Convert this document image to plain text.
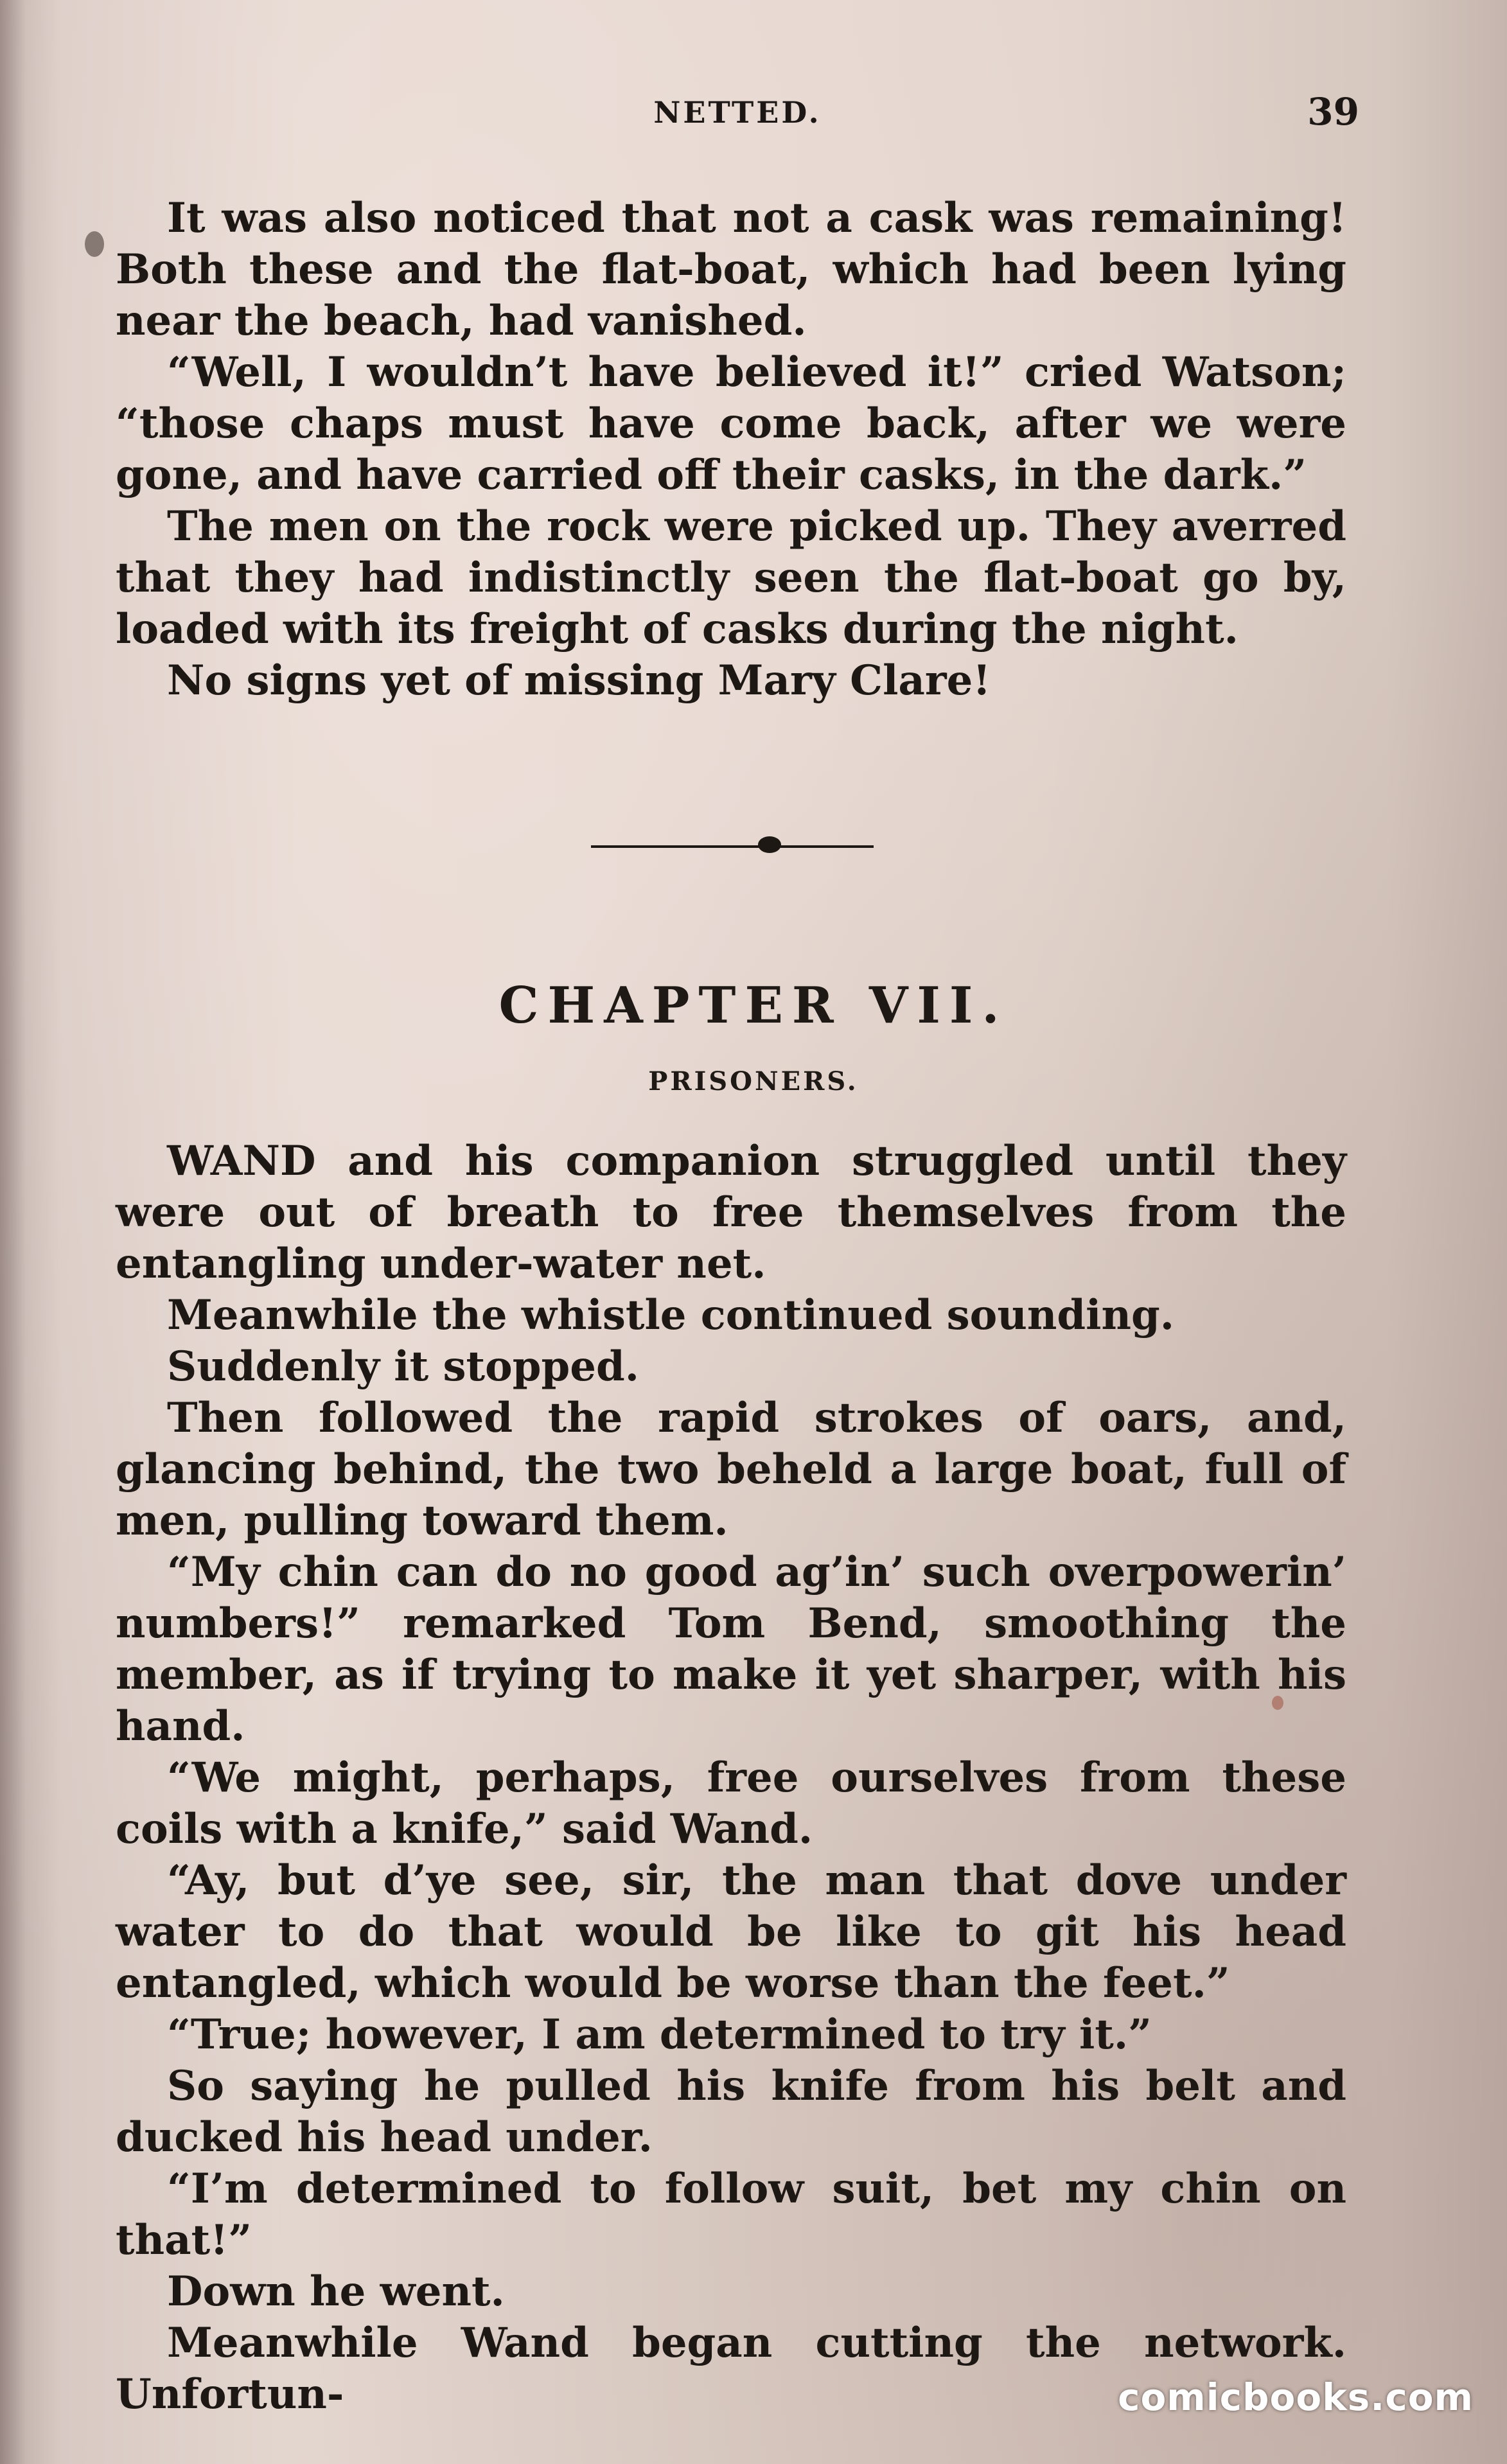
NETTED.	39

It was also noticed that not a cask was remaining! Both these and the flat-boat, which had been lying near the beach, had vanished.

“Well, I wouldn’t have believed it!” cried Watson; “those chaps must have come back, after we were gone, and have carried off their casks, in the dark.”

The men on the rock were picked up. They averred that they had indistinctly seen the flat-boat go by, loaded with its freight of casks during the night.

No signs yet of missing Mary Clare!

CHAPTER VII.
PRISONERS.

WAND and his companion struggled until they were out of breath to free themselves from the entangling under-water net.

Meanwhile the whistle continued sounding.

Suddenly it stopped.

Then followed the rapid strokes of oars, and, glancing behind, the two beheld a large boat, full of men, pulling toward them.

“My chin can do no good ag’in’ such overpowerin’ numbers!” remarked Tom Bend, smoothing the member, as if trying to make it yet sharper, with his hand.

“We might, perhaps, free ourselves from these coils with a knife,” said Wand.

“Ay, but d’ye see, sir, the man that dove under water to do that would be like to git his head entangled, which would be worse than the feet.”

“True; however, I am determined to try it.”

So saying he pulled his knife from his belt and ducked his head under.

“I’m determined to follow suit, bet my chin on that!”

Down he went.

Meanwhile Wand began cutting the network. Unfortun-	comicbooks.com
